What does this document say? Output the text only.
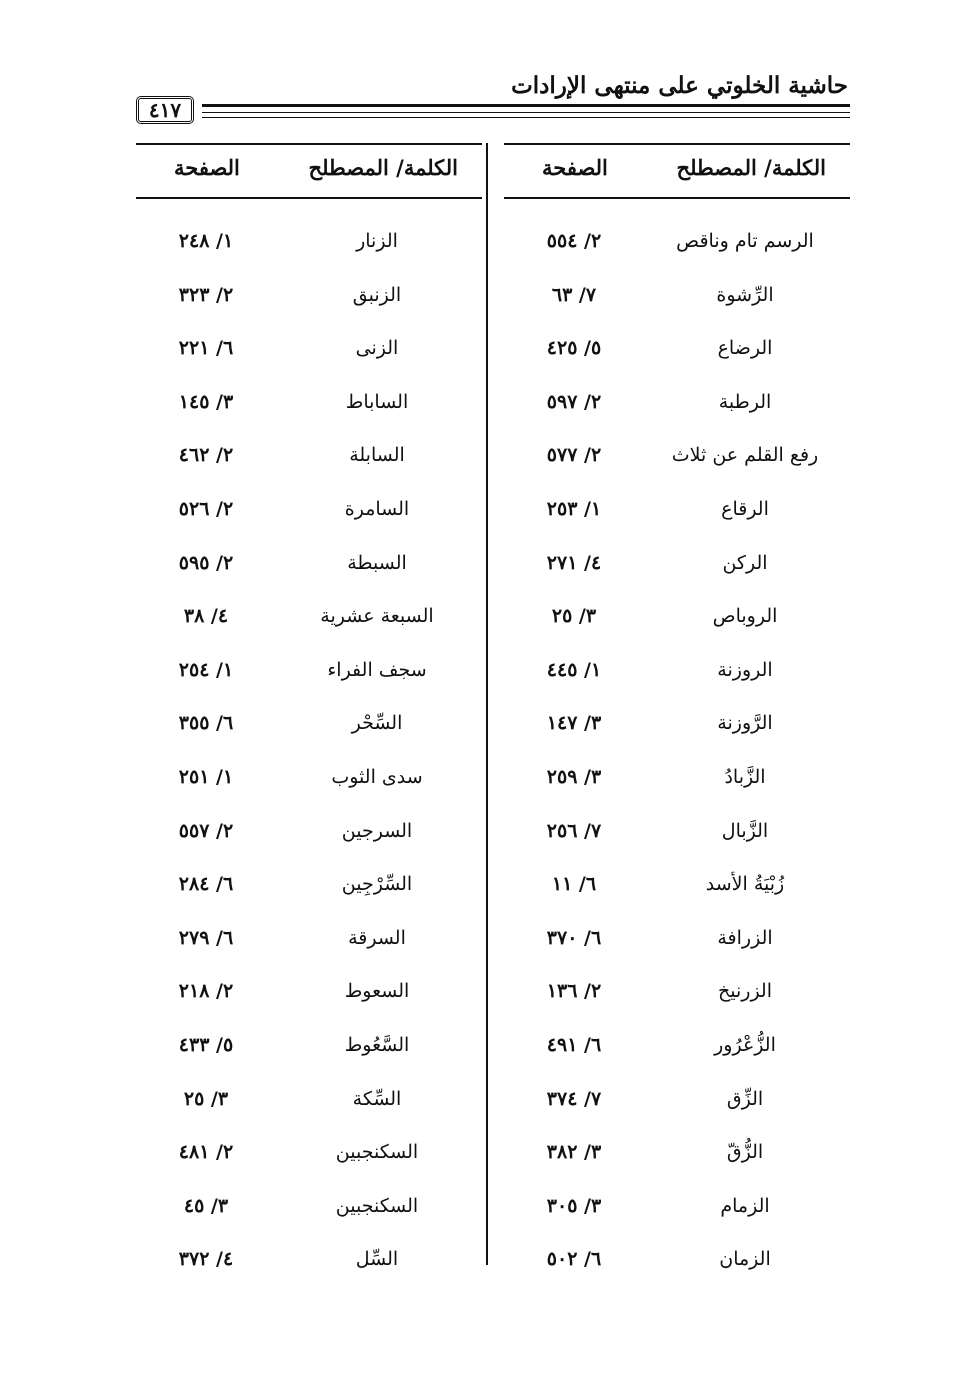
حاشية الخلوتي على منتهى الإرادات
٤١٧
الكلمة/ المصطلح
الصفحة
الرسم تام وناقص
٢/ ٥٥٤
الرِّشوة
٧/ ٦٣
الرضاع
٥/ ٤٢٥
الرطبة
٢/ ٥٩٧
رفع القلم عن ثلاث
٢/ ٥٧٧
الرقاع
١/ ٢٥٣
الركن
٤/ ٢٧١
الروباص
٣/ ٢٥
الروزنة
١/ ٤٤٥
الرَّوزنة
٣/ ١٤٧
الزَّبادُ
٣/ ٢٥٩
الزَّبال
٧/ ٢٥٦
زُبْيَةُ الأسد
٦/ ١١
الزرافة
٦/ ٣٧٠
الزرنيخ
٢/ ١٣٦
الزُّعْرُور
٦/ ٤٩١
الزِّق
٧/ ٣٧٤
الزُّقّ
٣/ ٣٨٢
الزمام
٣/ ٣٠٥
الزمان
٦/ ٥٠٢
الكلمة/ المصطلح
الصفحة
الزنار
١/ ٢٤٨
الزنبق
٢/ ٣٢٣
الزنى
٦/ ٢٢١
الساباط
٣/ ١٤٥
السابلة
٢/ ٤٦٢
السامرة
٢/ ٥٢٦
السبطة
٢/ ٥٩٥
السبعة عشرية
٤/ ٣٨
سجف الفراء
١/ ٢٥٤
السِّحْر
٦/ ٣٥٥
سدى الثوب
١/ ٢٥١
السرجين
٢/ ٥٥٧
السِّرْجِين
٦/ ٢٨٤
السرقة
٦/ ٢٧٩
السعوط
٢/ ٢١٨
السَّعُوط
٥/ ٤٣٣
السِّكة
٣/ ٢٥
السكنجبين
٢/ ٤٨١
السكنجبين
٣/ ٤٥
السِّل
٤/ ٣٧٢
